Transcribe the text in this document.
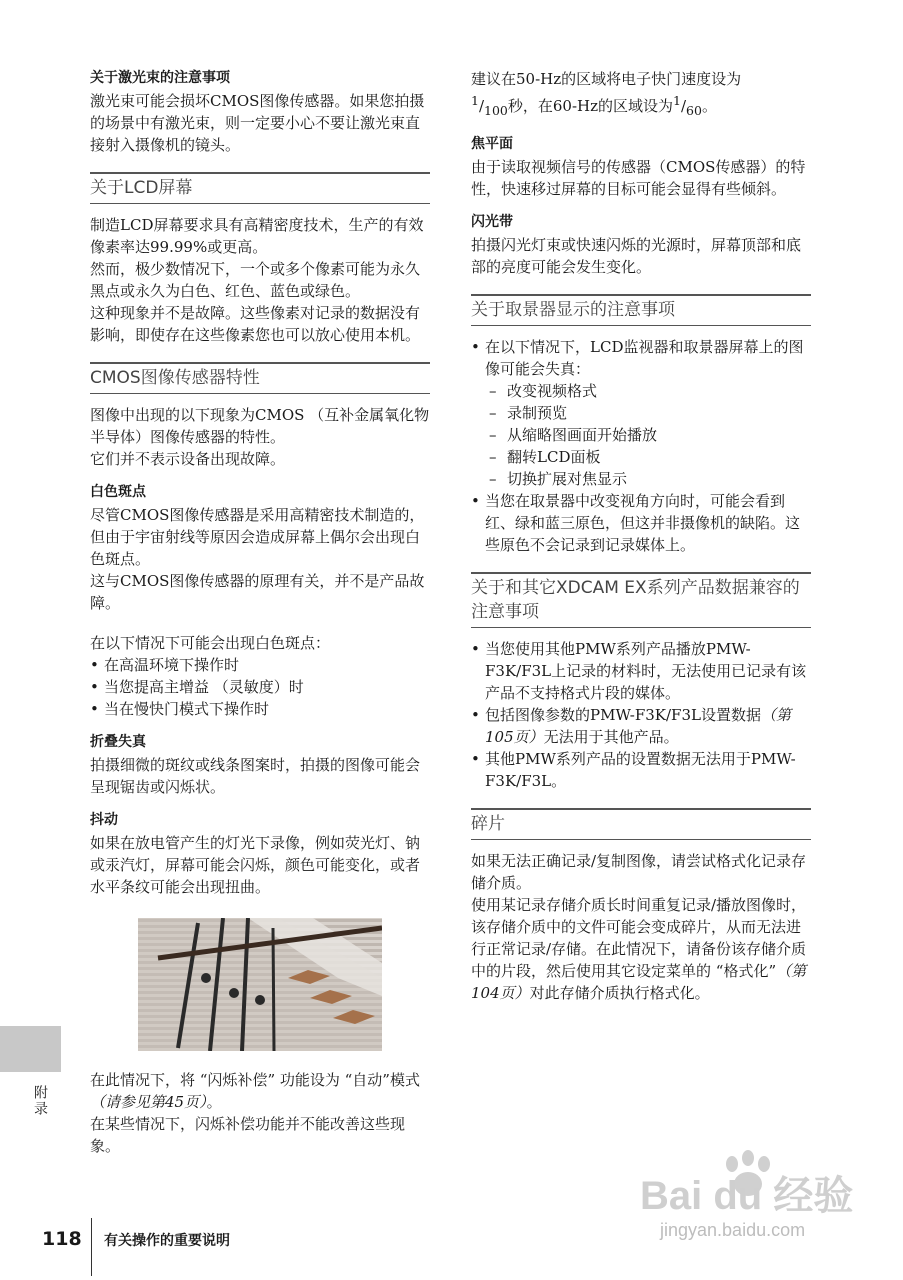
关于激光束的注意事项

激光束可能会损坏CMOS图像传感器。如果您拍摄的场景中有激光束，则一定要小心不要让激光束直接射入摄像机的镜头。

关于LCD屏幕

制造LCD屏幕要求具有高精密度技术，生产的有效像素率达99.99%或更高。

然而，极少数情况下，一个或多个像素可能为永久黑点或永久为白色、红色、蓝色或绿色。

这种现象并不是故障。这些像素对记录的数据没有影响，即使存在这些像素您也可以放心使用本机。

CMOS图像传感器特性

图像中出现的以下现象为CMOS （互补金属氧化物半导体）图像传感器的特性。

它们并不表示设备出现故障。

白色斑点

尽管CMOS图像传感器是采用高精密技术制造的，但由于宇宙射线等原因会造成屏幕上偶尔会出现白色斑点。

这与CMOS图像传感器的原理有关，并不是产品故障。

在以下情况下可能会出现白色斑点：

• 在高温环境下操作时

• 当您提高主增益 （灵敏度）时

• 当在慢快门模式下操作时

折叠失真

拍摄细微的斑纹或线条图案时，拍摄的图像可能会呈现锯齿或闪烁状。

抖动

如果在放电管产生的灯光下录像，例如荧光灯、钠或汞汽灯，屏幕可能会闪烁，颜色可能变化，或者水平条纹可能会出现扭曲。

在此情况下，将 “闪烁补偿” 功能设为 “自动”模式 （请参见第45页）。

在某些情况下，闪烁补偿功能并不能改善这些现象。

建议在50-Hz的区域将电子快门速度设为
$^1/_{100}$秒，在60-Hz的区域设为$^1/_{60}$。

焦平面

由于读取视频信号的传感器（CMOS传感器）的特性，快速移过屏幕的目标可能会显得有些倾斜。

闪光带

拍摄闪光灯束或快速闪烁的光源时，屏幕顶部和底部的亮度可能会发生变化。

关于取景器显示的注意事项

• 在以下情况下，LCD监视器和取景器屏幕上的图像可能会失真：

– 改变视频格式

– 录制预览

– 从缩略图画面开始播放

– 翻转LCD面板

– 切换扩展对焦显示

• 当您在取景器中改变视角方向时，可能会看到红、绿和蓝三原色，但这并非摄像机的缺陷。这些原色不会记录到记录媒体上。

关于和其它XDCAM EX系列产品数据兼容的注意事项

• 当您使用其他PMW系列产品播放PMW-F3K/F3L上记录的材料时，无法使用已记录有该产品不支持格式片段的媒体。

• 包括图像参数的PMW-F3K/F3L设置数据（第105页）无法用于其他产品。

• 其他PMW系列产品的设置数据无法用于PMW-F3K/F3L。

碎片

如果无法正确记录/复制图像，请尝试格式化记录存储介质。

使用某记录存储介质长时间重复记录/播放图像时，该存储介质中的文件可能会变成碎片，从而无法进行正常记录/存储。在此情况下，请备份该存储介质中的片段，然后使用其它设定菜单的 “格式化”（第104页）对此存储介质执行格式化。

附录
118 有关操作的重要说明
Bai du 经验
jingyan.baidu.com
